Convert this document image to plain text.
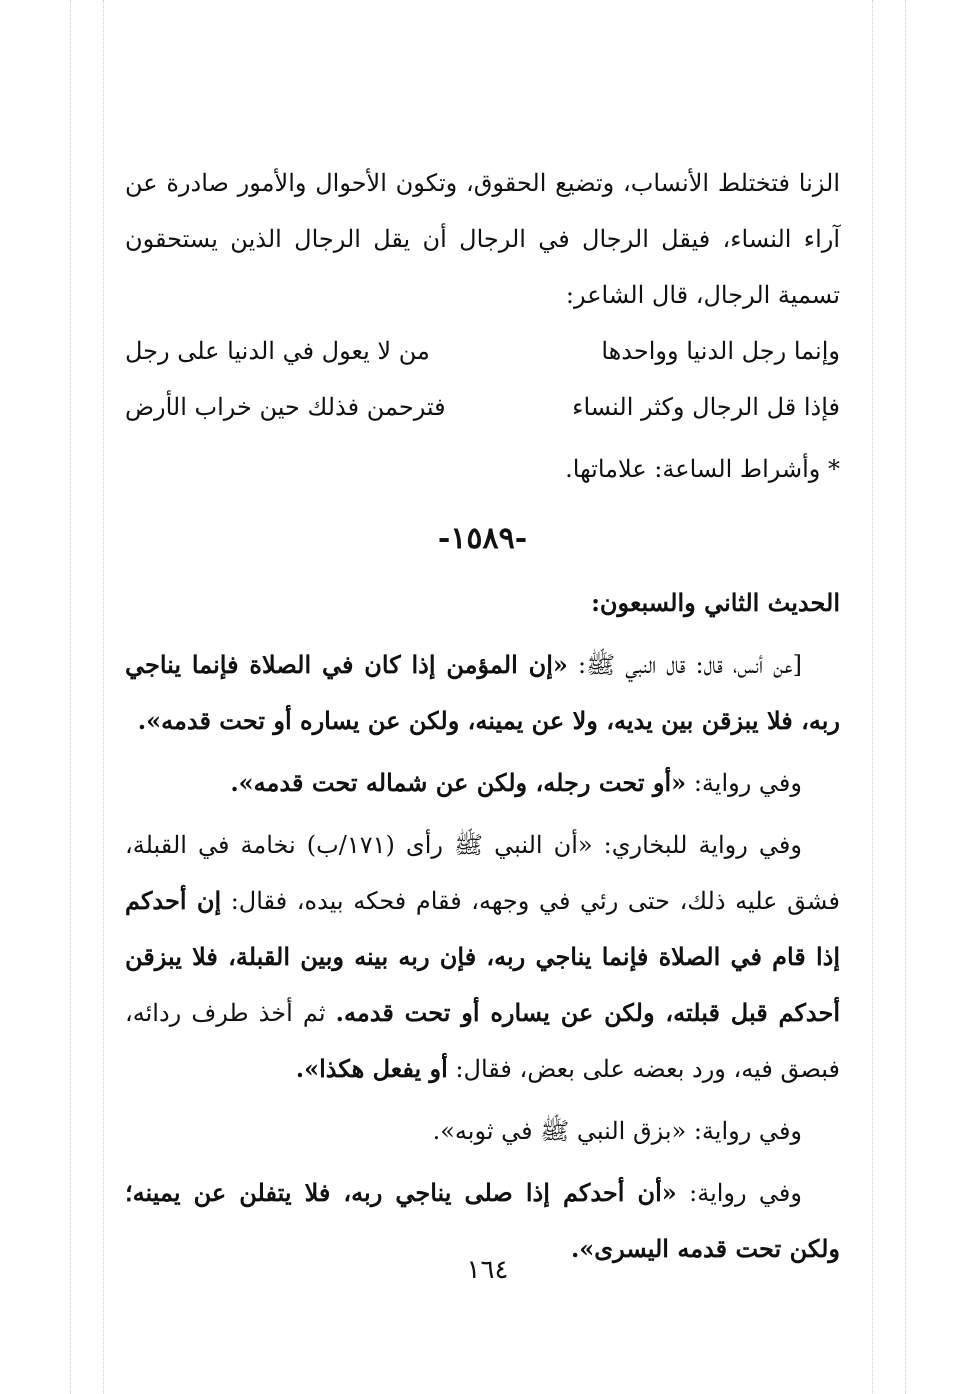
الزنا فتختلط الأنساب، وتضيع الحقوق، وتكون الأحوال والأمور صادرة عن آراء النساء، فيقل الرجال في الرجال أن يقل الرجال الذين يستحقون تسمية الرجال، قال الشاعر:

وإنما رجل الدنيا وواحدها
من لا يعول في الدنيا على رجل
فإذا قل الرجال وكثر النساء
فترحمن فذلك حين خراب الأرض

* وأشراط الساعة: علاماتها.

-١٥٨٩-

الحديث الثاني والسبعون:

[عن أنس، قال: قال النبي ﷺ: «إن المؤمن إذا كان في الصلاة فإنما يناجي ربه، فلا يبزقن بين يديه، ولا عن يمينه، ولكن عن يساره أو تحت قدمه».

وفي رواية: «أو تحت رجله، ولكن عن شماله تحت قدمه».

وفي رواية للبخاري: «أن النبي ﷺ رأى (١٧١/ب) نخامة في القبلة، فشق عليه ذلك، حتى رئي في وجهه، فقام فحكه بيده، فقال: إن أحدكم إذا قام في الصلاة فإنما يناجي ربه، فإن ربه بينه وبين القبلة، فلا يبزقن أحدكم قبل قبلته، ولكن عن يساره أو تحت قدمه. ثم أخذ طرف ردائه، فبصق فيه، ورد بعضه على بعض، فقال: أو يفعل هكذا».

وفي رواية: «بزق النبي ﷺ في ثوبه».

وفي رواية: «أن أحدكم إذا صلى يناجي ربه، فلا يتفلن عن يمينه؛ ولكن تحت قدمه اليسرى».

١٦٤
